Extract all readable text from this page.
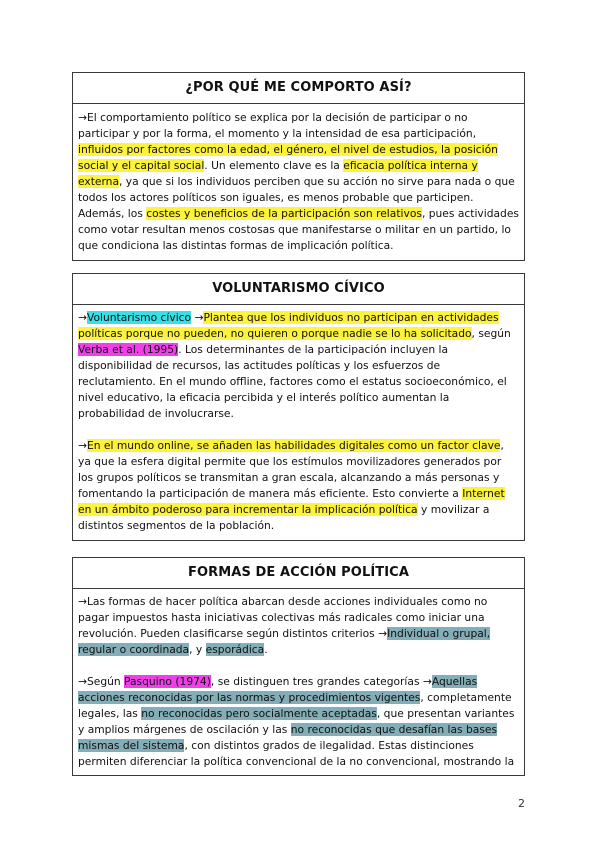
¿POR QUÉ ME COMPORTO ASÍ?

→El comportamiento político se explica por la decisión de participar o no participar y por la forma, el momento y la intensidad de esa participación, influidos por factores como la edad, el género, el nivel de estudios, la posición social y el capital social. Un elemento clave es la eficacia política interna y externa, ya que si los individuos perciben que su acción no sirve para nada o que todos los actores políticos son iguales, es menos probable que participen. Además, los costes y beneficios de la participación son relativos, pues actividades como votar resultan menos costosas que manifestarse o militar en un partido, lo que condiciona las distintas formas de implicación política.

VOLUNTARISMO CÍVICO

→Voluntarismo cívico →Plantea que los individuos no participan en actividades políticas porque no pueden, no quieren o porque nadie se lo ha solicitado, según Verba et al. (1995). Los determinantes de la participación incluyen la disponibilidad de recursos, las actitudes políticas y los esfuerzos de reclutamiento. En el mundo offline, factores como el estatus socioeconómico, el nivel educativo, la eficacia percibida y el interés político aumentan la probabilidad de involucrarse.

→En el mundo online, se añaden las habilidades digitales como un factor clave, ya que la esfera digital permite que los estímulos movilizadores generados por los grupos políticos se transmitan a gran escala, alcanzando a más personas y fomentando la participación de manera más eficiente. Esto convierte a Internet en un ámbito poderoso para incrementar la implicación política y movilizar a distintos segmentos de la población.

FORMAS DE ACCIÓN POLÍTICA

→Las formas de hacer política abarcan desde acciones individuales como no pagar impuestos hasta iniciativas colectivas más radicales como iniciar una revolución. Pueden clasificarse según distintos criterios →Individual o grupal, regular o coordinada, y esporádica.

→Según Pasquino (1974), se distinguen tres grandes categorías →Aquellas acciones reconocidas por las normas y procedimientos vigentes, completamente legales, las no reconocidas pero socialmente aceptadas, que presentan variantes y amplios márgenes de oscilación y las no reconocidas que desafían las bases mismas del sistema, con distintos grados de ilegalidad. Estas distinciones permiten diferenciar la política convencional de la no convencional, mostrando la

2
